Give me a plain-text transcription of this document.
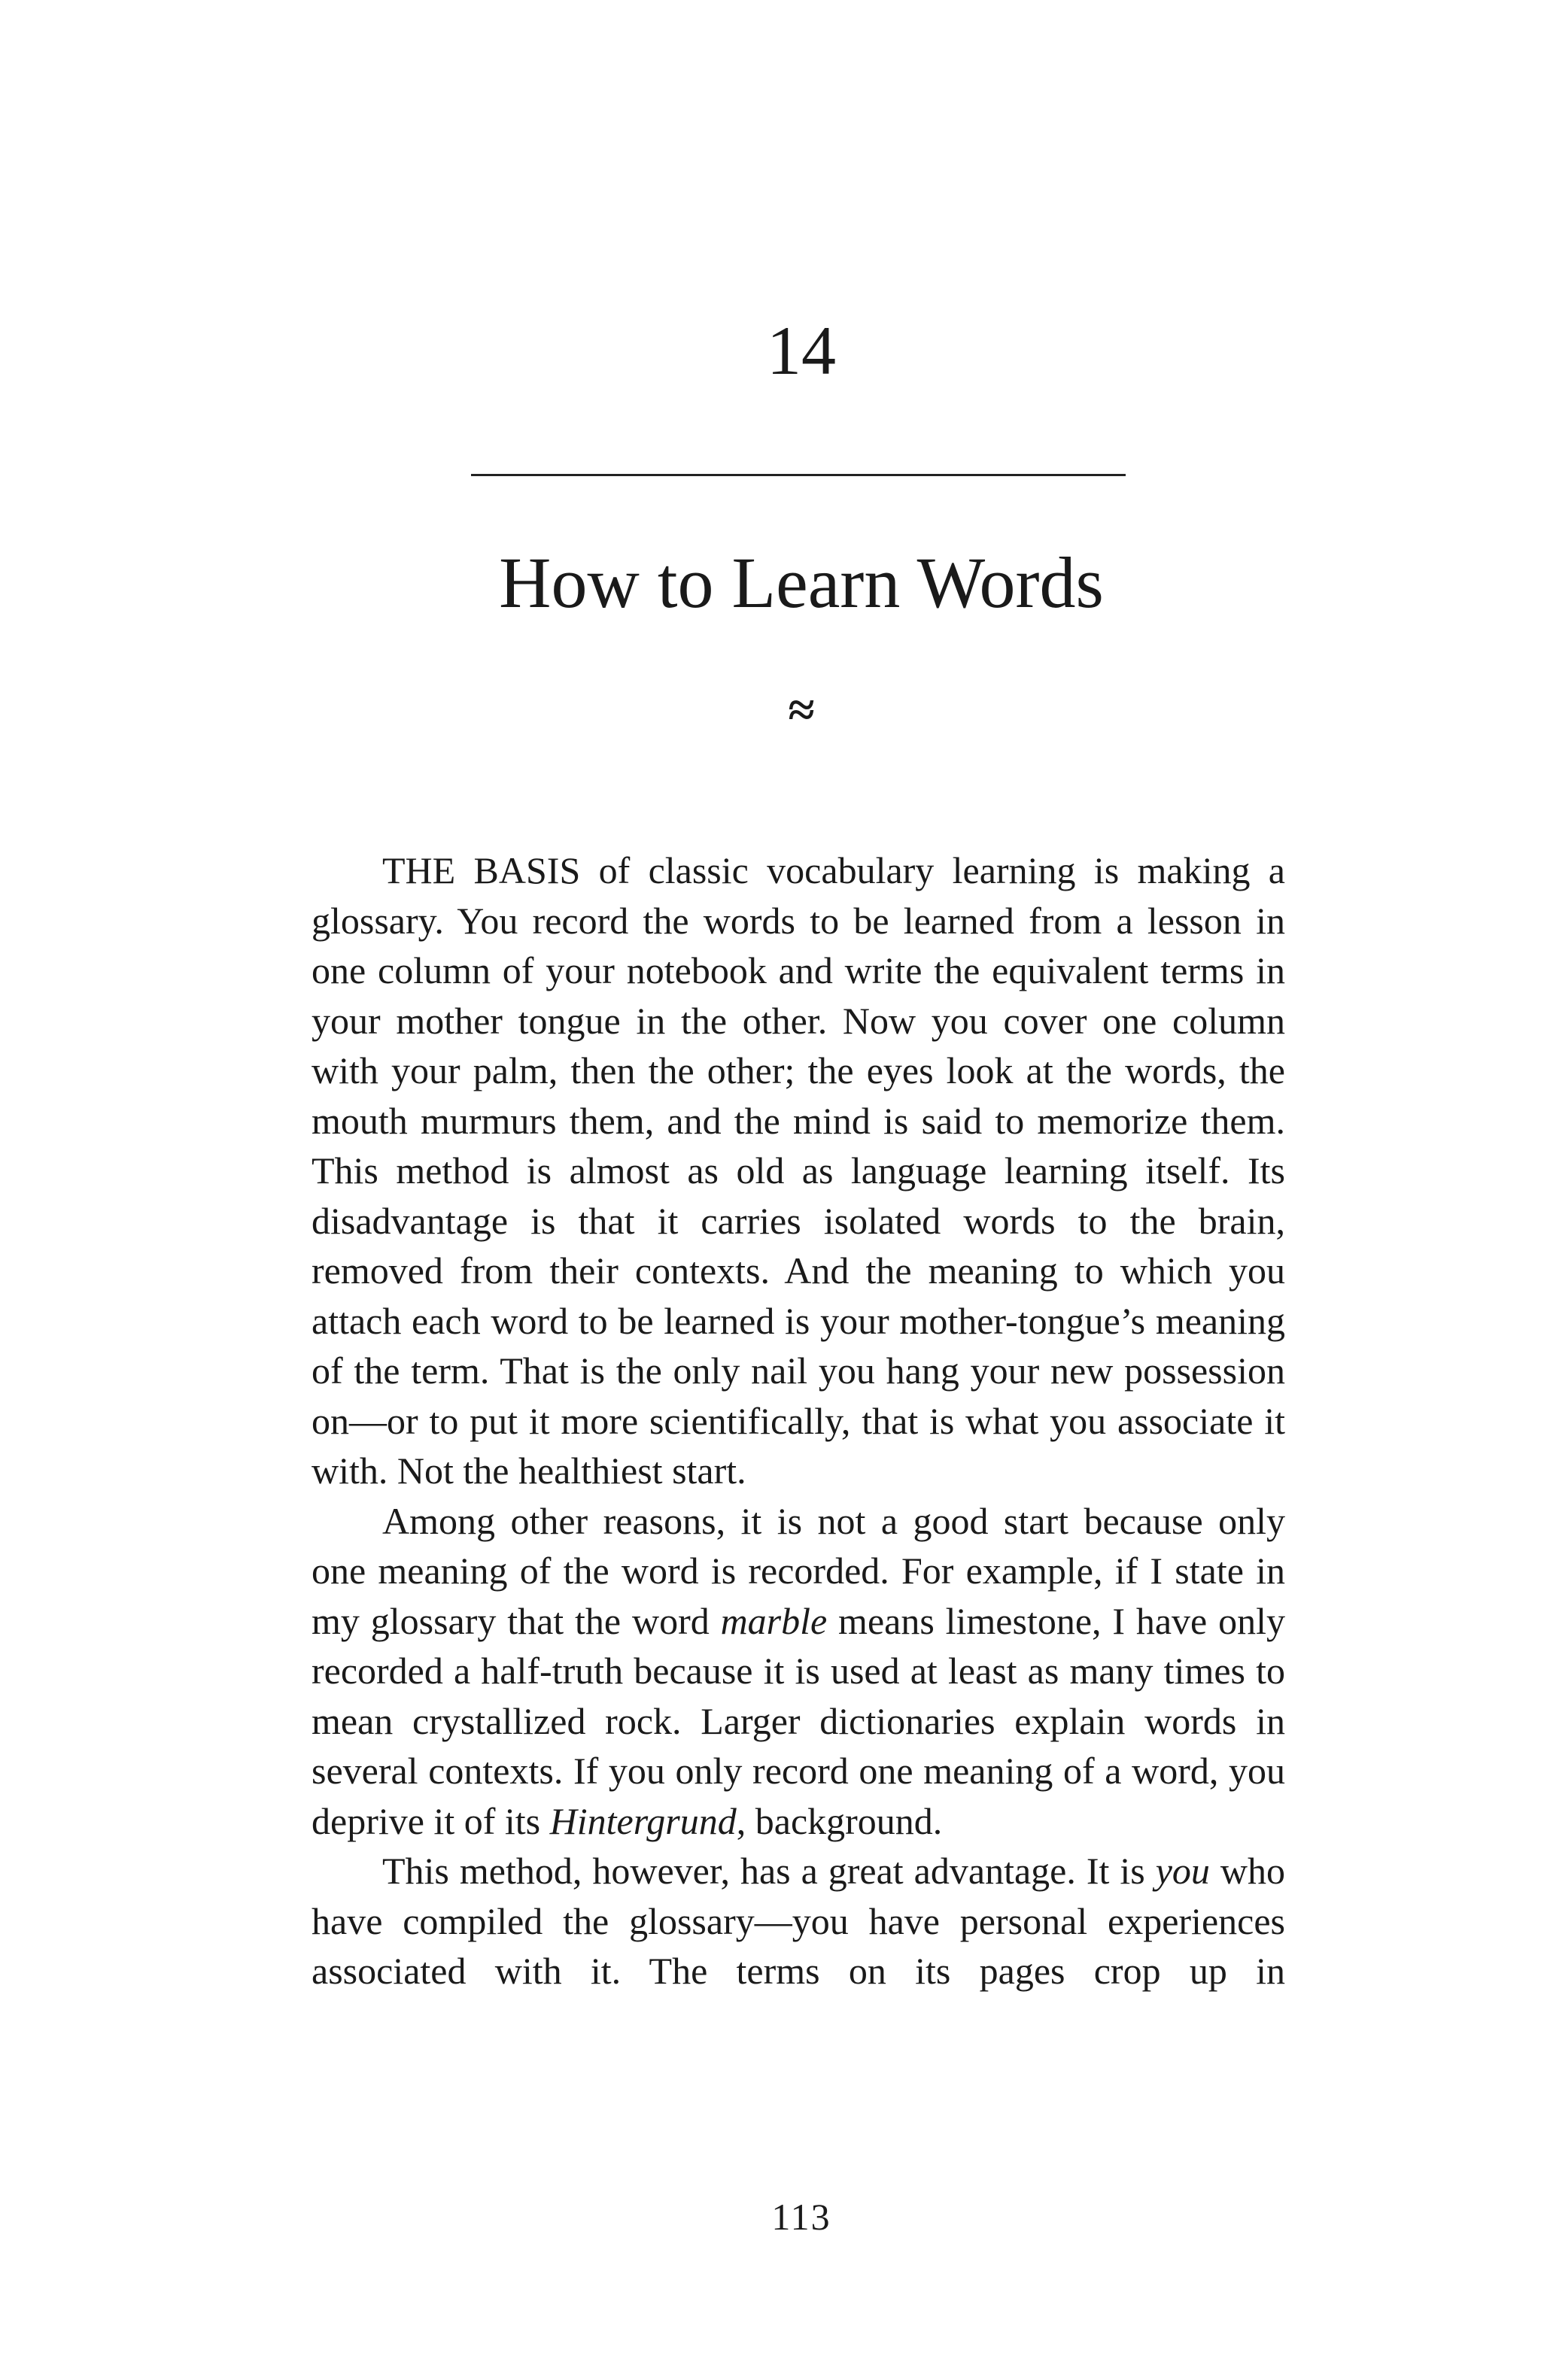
14
How to Learn Words
≈

THE BASIS of classic vocabulary learning is making a glossary. You record the words to be learned from a lesson in one column of your notebook and write the equivalent terms in your mother tongue in the other. Now you cover one column with your palm, then the other; the eyes look at the words, the mouth murmurs them, and the mind is said to memorize them. This method is almost as old as language learning itself. Its disadvantage is that it carries isolated words to the brain, removed from their contexts. And the meaning to which you attach each word to be learned is your mother-tongue’s meaning of the term. That is the only nail you hang your new possession on—or to put it more scientifically, that is what you associate it with. Not the healthiest start.

Among other reasons, it is not a good start because only one meaning of the word is recorded. For example, if I state in my glossary that the word marble means limestone, I have only recorded a half-truth because it is used at least as many times to mean crystallized rock. Larger dictionaries explain words in several contexts. If you only record one meaning of a word, you deprive it of its Hintergrund, background.

This method, however, has a great advantage. It is you who have compiled the glossary—you have personal experiences associated with it. The terms on its pages crop up in

113
